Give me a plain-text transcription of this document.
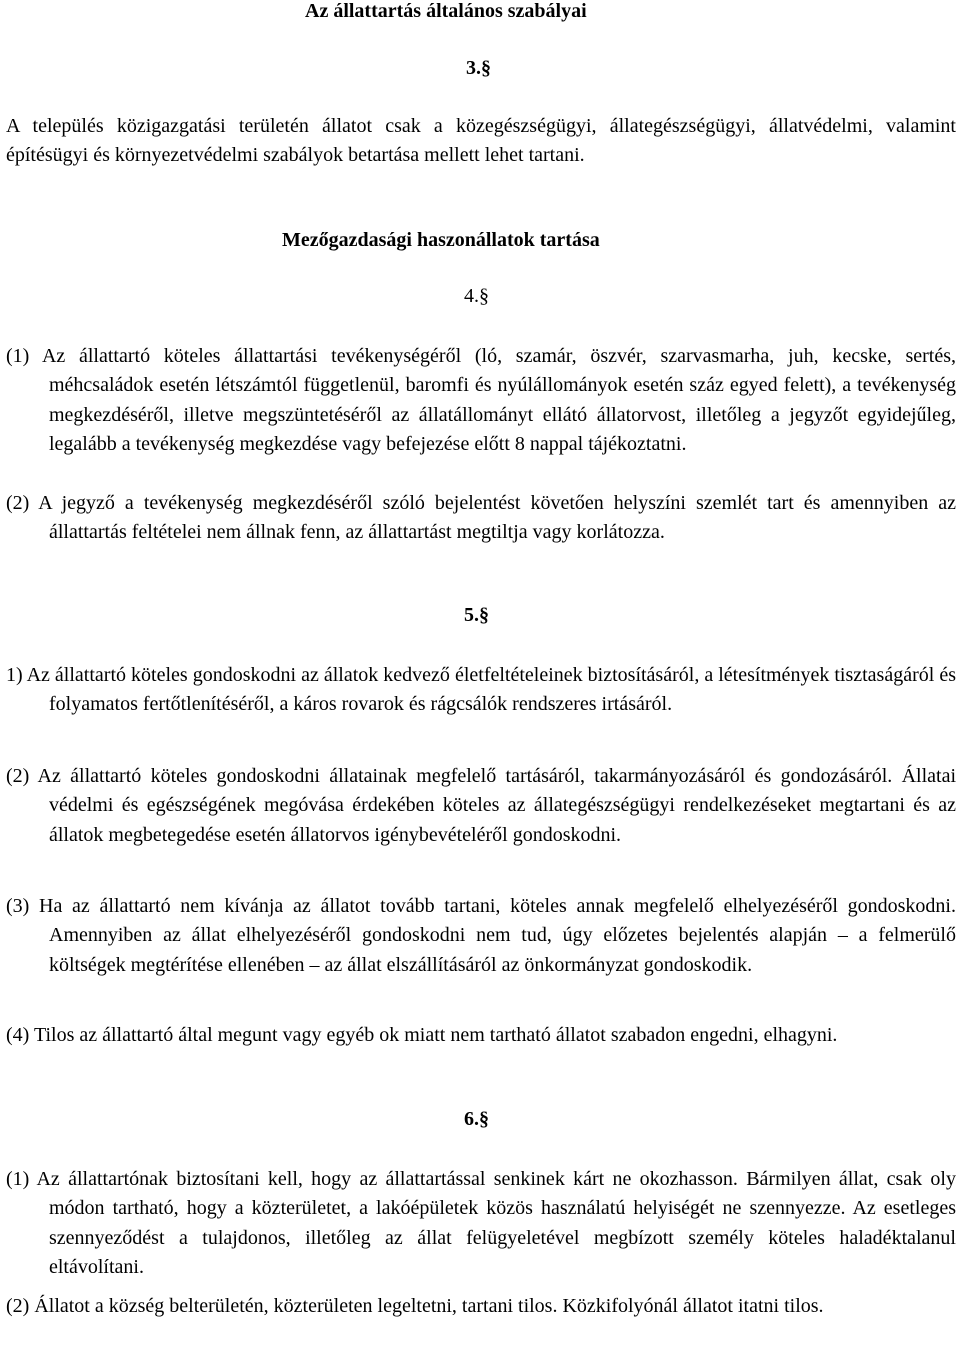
Az állattartás általános szabályai

3.§

A település közigazgatási területén állatot csak a közegészségügyi, állategészségügyi, állatvédelmi, valamint építésügyi és környezetvédelmi szabályok betartása mellett lehet tartani.

Mezőgazdasági haszonállatok tartása

4.§

(1) Az állattartó köteles állattartási tevékenységéről (ló, szamár, öszvér, szarvasmarha, juh, kecske, sertés, méhcsaládok esetén létszámtól függetlenül, baromfi és nyúlállományok esetén száz egyed felett), a tevékenység megkezdéséről, illetve megszüntetéséről az állatállományt ellátó állatorvost, illetőleg a jegyzőt egyidejűleg, legalább a tevékenység megkezdése vagy befejezése előtt 8 nappal tájékoztatni.

(2) A jegyző a tevékenység megkezdéséről szóló bejelentést követően helyszíni szemlét tart és amennyiben az állattartás feltételei nem állnak fenn, az állattartást megtiltja vagy korlátozza.

5.§

1) Az állattartó köteles gondoskodni az állatok kedvező életfeltételeinek biztosításáról, a létesítmények tisztaságáról és folyamatos fertőtlenítéséről, a káros rovarok és rágcsálók rendszeres irtásáról.

(2) Az állattartó köteles gondoskodni állatainak megfelelő tartásáról, takarmányozásáról és gondozásáról. Állatai védelmi és egészségének megóvása érdekében köteles az állategészségügyi rendelkezéseket megtartani és az állatok megbetegedése esetén állatorvos igénybevételéről gondoskodni.

(3) Ha az állattartó nem kívánja az állatot tovább tartani, köteles annak megfelelő elhelyezéséről gondoskodni. Amennyiben az állat elhelyezéséről gondoskodni nem tud, úgy előzetes bejelentés alapján – a felmerülő költségek megtérítése ellenében – az állat elszállításáról az önkormányzat gondoskodik.

(4) Tilos az állattartó által megunt vagy egyéb ok miatt nem tartható állatot szabadon engedni, elhagyni.

6.§

(1) Az állattartónak biztosítani kell, hogy az állattartással senkinek kárt ne okozhasson. Bármilyen állat, csak oly módon tartható, hogy a közterületet, a lakóépületek közös használatú helyiségét ne szennyezze. Az esetleges szennyeződést a tulajdonos, illetőleg az állat felügyeletével megbízott személy köteles haladéktalanul eltávolítani.

(2) Állatot a község belterületén, közterületen legeltetni, tartani tilos. Közkifolyónál állatot itatni tilos.
